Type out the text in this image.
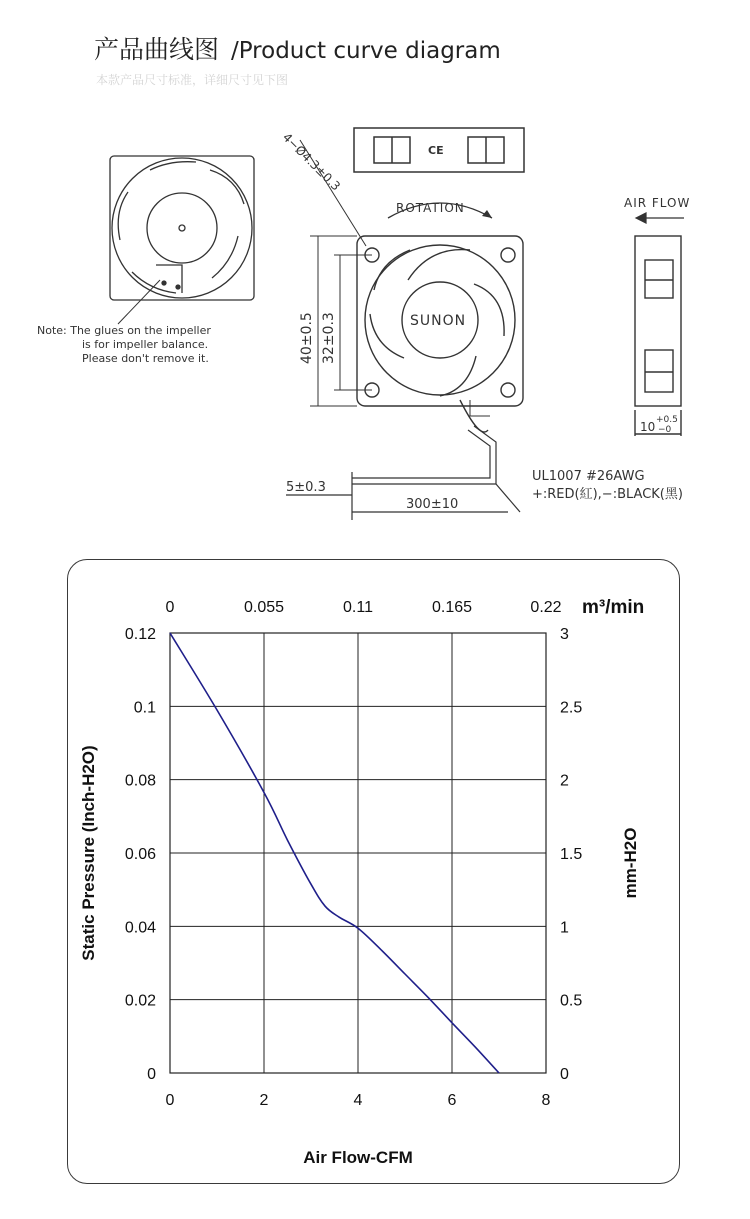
产品曲线图 /Product curve diagram
本款产品尺寸标准，详细尺寸见下图
Note: The glues on the impeller
is for impeller balance.
Please don't remove it.
CE
SUNON
ROTATION
4−Ø4.3±0.3
40±0.5 32±0.3
5±0.3
300±10
UL1007 #26AWG
+:RED(紅),−:BLACK(黑)
AIR FLOW
10 +0.5
−0
0	2	4	6	8
0	0.055	0.11	0.165	0.22
0
0.02
0.04
0.06
0.08
0.1
0.12
0
0.5
1
1.5
2
2.5
3
Air Flow-CFM
Static Pressure (Inch-H2O)	mm-H2O
m³/min
